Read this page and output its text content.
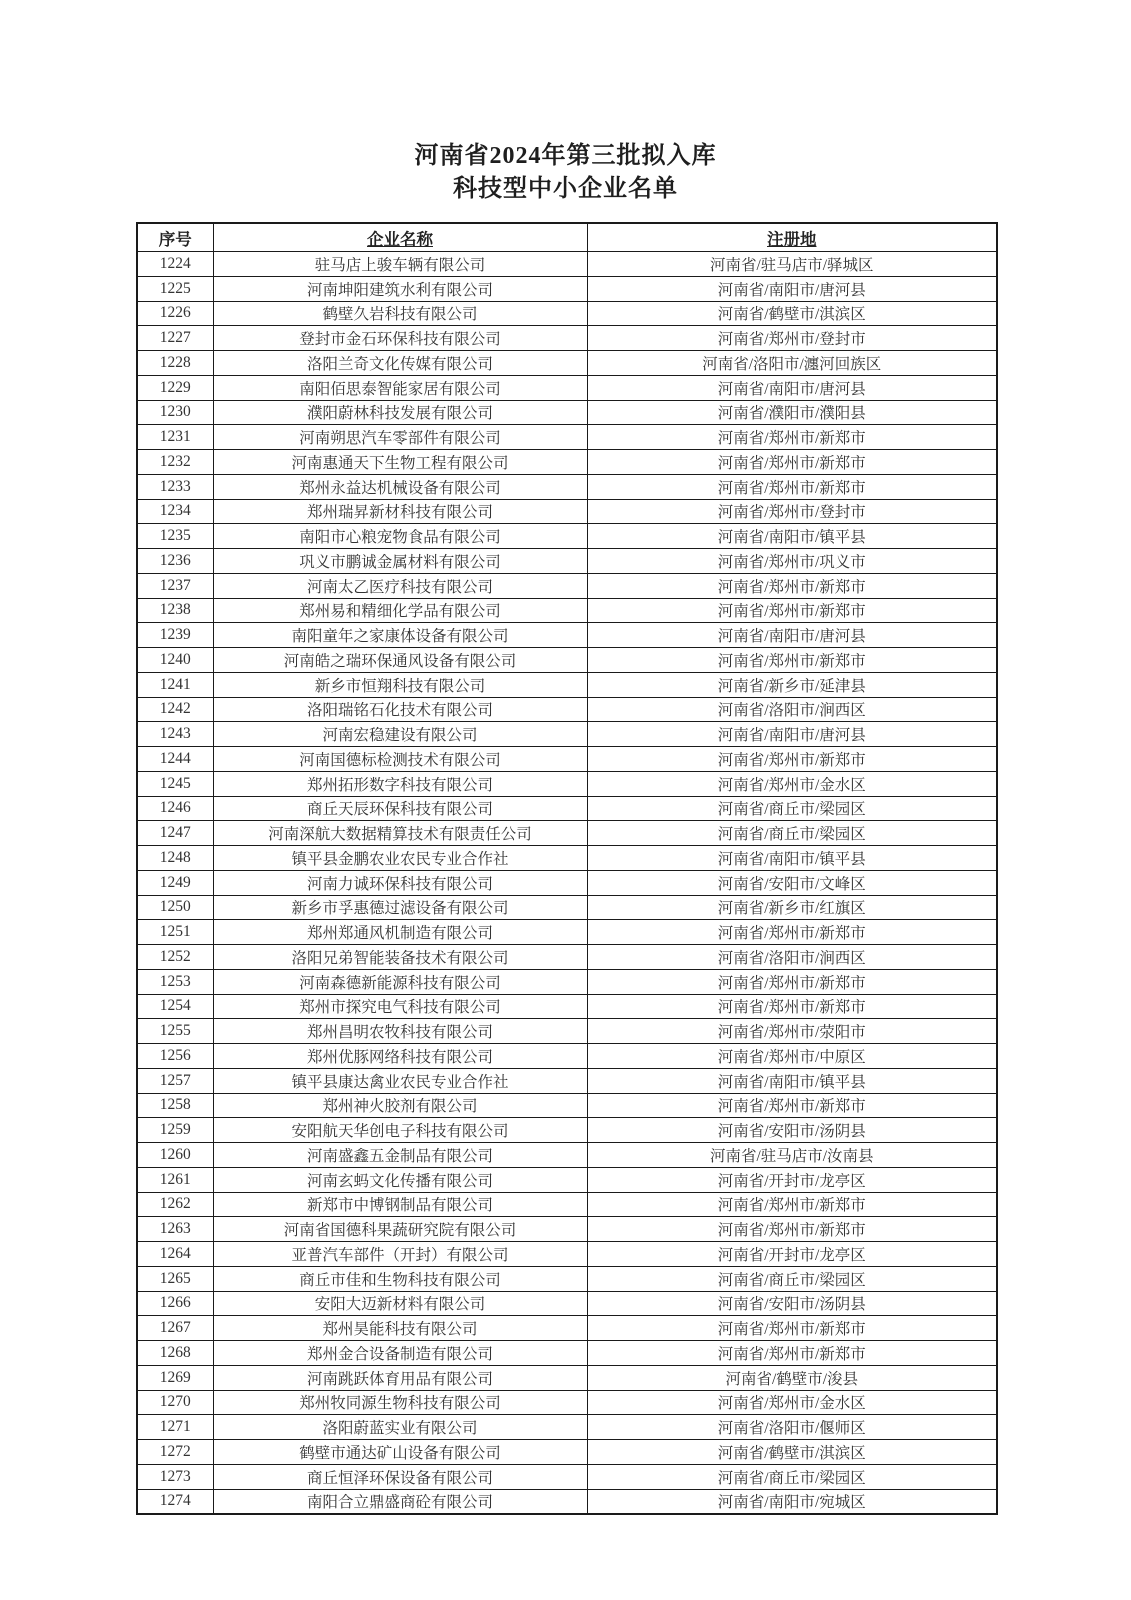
河南省2024年第三批拟入库
科技型中小企业名单
序号	企业名称	注册地
1224	驻马店上骏车辆有限公司	河南省/驻马店市/驿城区
1225	河南坤阳建筑水利有限公司	河南省/南阳市/唐河县
1226	鹤壁久岩科技有限公司	河南省/鹤壁市/淇滨区
1227	登封市金石环保科技有限公司	河南省/郑州市/登封市
1228	洛阳兰奇文化传媒有限公司	河南省/洛阳市/瀍河回族区
1229	南阳佰思泰智能家居有限公司	河南省/南阳市/唐河县
1230	濮阳蔚林科技发展有限公司	河南省/濮阳市/濮阳县
1231	河南朔思汽车零部件有限公司	河南省/郑州市/新郑市
1232	河南惠通天下生物工程有限公司	河南省/郑州市/新郑市
1233	郑州永益达机械设备有限公司	河南省/郑州市/新郑市
1234	郑州瑞昇新材科技有限公司	河南省/郑州市/登封市
1235	南阳市心粮宠物食品有限公司	河南省/南阳市/镇平县
1236	巩义市鹏诚金属材料有限公司	河南省/郑州市/巩义市
1237	河南太乙医疗科技有限公司	河南省/郑州市/新郑市
1238	郑州易和精细化学品有限公司	河南省/郑州市/新郑市
1239	南阳童年之家康体设备有限公司	河南省/南阳市/唐河县
1240	河南皓之瑞环保通风设备有限公司	河南省/郑州市/新郑市
1241	新乡市恒翔科技有限公司	河南省/新乡市/延津县
1242	洛阳瑞铭石化技术有限公司	河南省/洛阳市/涧西区
1243	河南宏稳建设有限公司	河南省/南阳市/唐河县
1244	河南国德标检测技术有限公司	河南省/郑州市/新郑市
1245	郑州拓形数字科技有限公司	河南省/郑州市/金水区
1246	商丘天辰环保科技有限公司	河南省/商丘市/梁园区
1247	河南深航大数据精算技术有限责任公司	河南省/商丘市/梁园区
1248	镇平县金鹏农业农民专业合作社	河南省/南阳市/镇平县
1249	河南力诚环保科技有限公司	河南省/安阳市/文峰区
1250	新乡市孚惠德过滤设备有限公司	河南省/新乡市/红旗区
1251	郑州郑通风机制造有限公司	河南省/郑州市/新郑市
1252	洛阳兄弟智能装备技术有限公司	河南省/洛阳市/涧西区
1253	河南森德新能源科技有限公司	河南省/郑州市/新郑市
1254	郑州市探究电气科技有限公司	河南省/郑州市/新郑市
1255	郑州昌明农牧科技有限公司	河南省/郑州市/荥阳市
1256	郑州优豚网络科技有限公司	河南省/郑州市/中原区
1257	镇平县康达禽业农民专业合作社	河南省/南阳市/镇平县
1258	郑州神火胶剂有限公司	河南省/郑州市/新郑市
1259	安阳航天华创电子科技有限公司	河南省/安阳市/汤阴县
1260	河南盛鑫五金制品有限公司	河南省/驻马店市/汝南县
1261	河南玄蚂文化传播有限公司	河南省/开封市/龙亭区
1262	新郑市中博钢制品有限公司	河南省/郑州市/新郑市
1263	河南省国德科果蔬研究院有限公司	河南省/郑州市/新郑市
1264	亚普汽车部件（开封）有限公司	河南省/开封市/龙亭区
1265	商丘市佳和生物科技有限公司	河南省/商丘市/梁园区
1266	安阳大迈新材料有限公司	河南省/安阳市/汤阴县
1267	郑州昊能科技有限公司	河南省/郑州市/新郑市
1268	郑州金合设备制造有限公司	河南省/郑州市/新郑市
1269	河南跳跃体育用品有限公司	河南省/鹤壁市/浚县
1270	郑州牧同源生物科技有限公司	河南省/郑州市/金水区
1271	洛阳蔚蓝实业有限公司	河南省/洛阳市/偃师区
1272	鹤壁市通达矿山设备有限公司	河南省/鹤壁市/淇滨区
1273	商丘恒泽环保设备有限公司	河南省/商丘市/梁园区
1274	南阳合立鼎盛商砼有限公司	河南省/南阳市/宛城区
